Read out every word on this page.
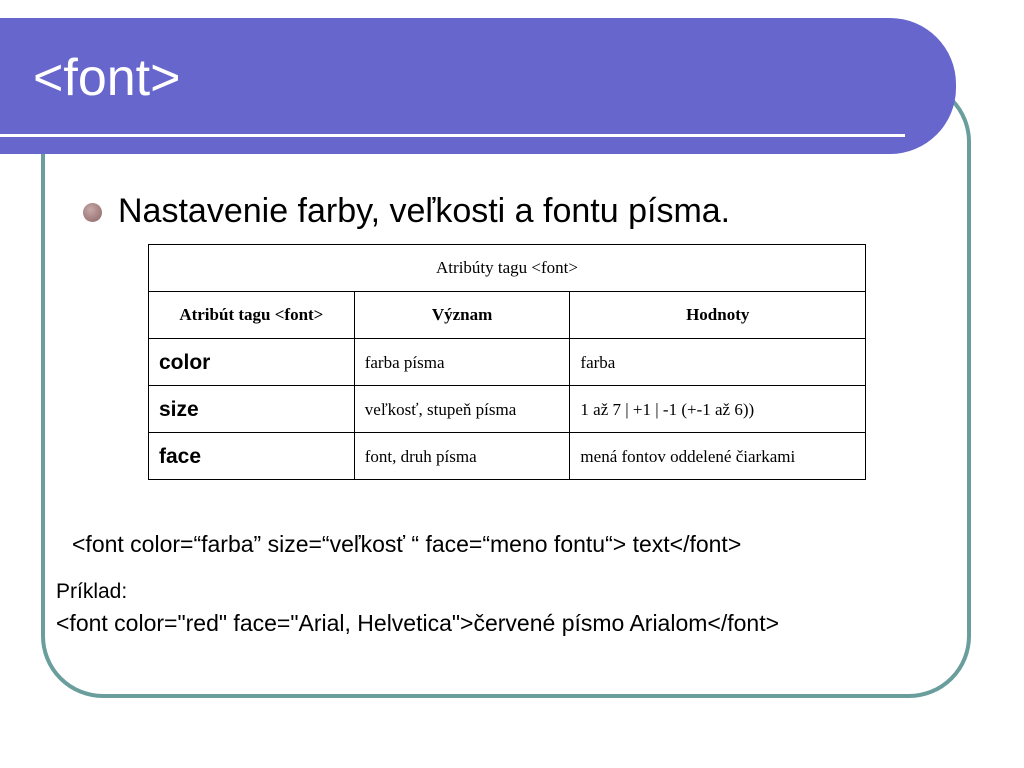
<font>
Nastavenie farby, veľkosti a fontu písma.
Atribúty tagu <font>		
Atribút tagu <font>	Význam	Hodnoty
color	farba písma	farba
size	veľkosť, stupeň písma	1 až 7 | +1 | -1 (+-1 až 6))
face	font, druh písma	mená fontov oddelené čiarkami
<font color=“farba” size=“veľkosť “ face=“meno fontu“> text</font>
Príklad:
<font color="red" face="Arial, Helvetica">červené písmo Arialom</font>
